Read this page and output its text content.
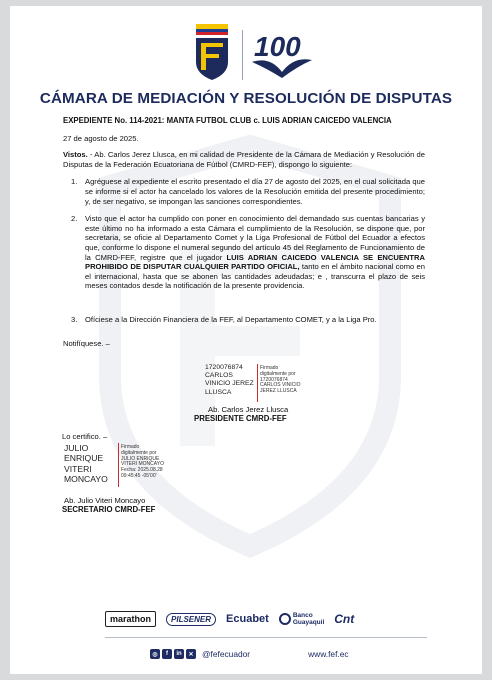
100
CÁMARA DE MEDIACIÓN Y RESOLUCIÓN DE DISPUTAS
EXPEDIENTE No. 114-2021: MANTA FUTBOL CLUB c. LUIS ADRIAN CAICEDO VALENCIA
27 de agosto de 2025.
Vistos. - Ab. Carlos Jerez Llusca, en mi calidad de Presidente de la Cámara de Mediación y Resolución de Disputas de la Federación Ecuatoriana de Fútbol (CMRD-FEF), dispongo lo siguiente:
1.	Agréguese al expediente el escrito presentado el día 27 de agosto del 2025, en el cual solicitada que se informe si el actor ha cancelado los valores de la Resolución emitida del presente procedimiento; y, de ser negativo, se impongan las sanciones correspondientes.
2.	Visto que el actor ha cumplido con poner en conocimiento del demandado sus cuentas bancarias y este último no ha informado a esta Cámara el cumplimiento de la Resolución, se dispone que, por secretaria, se oficie al Departamento Comet y la Liga Profesional de Fútbol del Ecuador a efectos que, conforme lo dispone el numeral segundo del artículo 45 del Reglamento de Funcionamiento de la CMRD-FEF, registre que el jugador LUIS ADRIAN CAICEDO VALENCIA SE ENCUENTRA PROHIBIDO DE DISPUTAR CUALQUIER PARTIDO OFICIAL, tanto en el ámbito nacional como en el internacional, hasta que se abonen las cantidades adeudadas; e , transcurra el plazo de seis meses contados desde la notificación de la presente providencia.
3.	Ofíciese a la Dirección Financiera de la FEF, al Departamento COMET, y a la Liga Pro.
Notifíquese. –
1720076874
CARLOS
VINICIO JEREZ
LLUSCA
Firmado
digitalmente por
1720076874
CARLOS VINICIO
JEREZ LLUSCA
Ab. Carlos Jerez Llusca
PRESIDENTE CMRD-FEF
Lo certifico. –
JULIO
ENRIQUE
VITERI
MONCAYO
Firmado
digitalmente por
JULIO ENRIQUE
VITERI MONCAYO
Fecha: 2025.08.28
09:45:45 -05'00'
Ab. Julio Viteri Moncayo
SECRETARIO CMRD-FEF
marathon	PILSENER	Ecuabet	Banco
Guayaquil Cnt
◎	f	in	✕ @fefecuador	www.fef.ec
